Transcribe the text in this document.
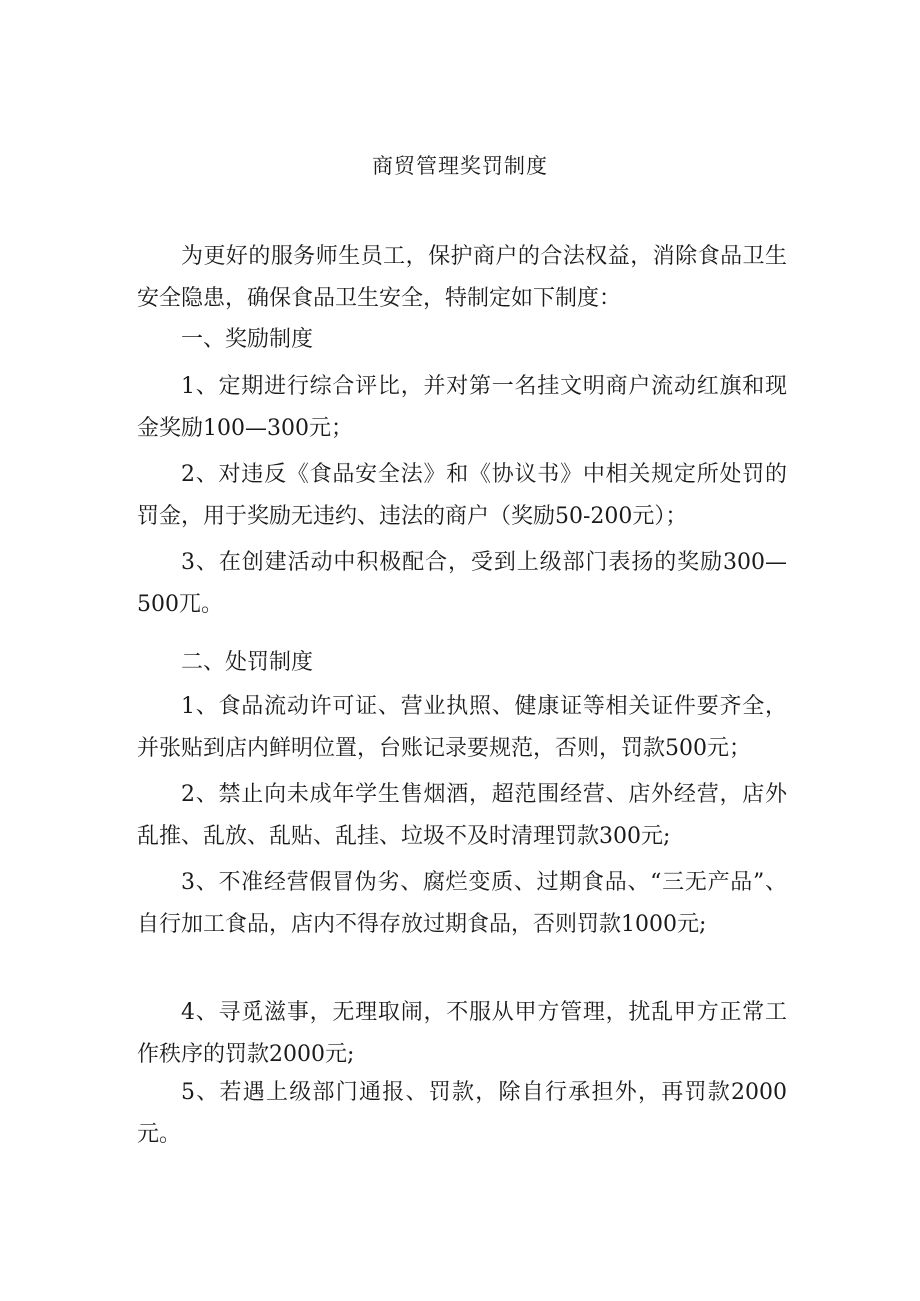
商贸管理奖罚制度

为更好的服务师生员工，保护商户的合法权益，消除食品卫生安全隐患，确保食品卫生安全，特制定如下制度：

一、奖励制度

1、定期进行综合评比，并对第一名挂文明商户流动红旗和现金奖励100—300元；

2、对违反《食品安全法》和《协议书》中相关规定所处罚的罚金，用于奖励无违约、违法的商户（奖励50-200元）；

3、在创建活动中积极配合，受到上级部门表扬的奖励300—500兀。

二、处罚制度

1、食品流动许可证、营业执照、健康证等相关证件要齐全，并张贴到店内鲜明位置，台账记录要规范，否则，罚款500元；

2、禁止向未成年学生售烟酒，超范围经营、店外经营，店外乱推、乱放、乱贴、乱挂、垃圾不及时清理罚款300元;

3、不准经营假冒伪劣、腐烂变质、过期食品、“三无产品”、自行加工食品，店内不得存放过期食品，否则罚款1000元;

4、寻觅滋事，无理取闹，不服从甲方管理，扰乱甲方正常工作秩序的罚款2000元;

5、若遇上级部门通报、罚款，除自行承担外，再罚款2000元。
